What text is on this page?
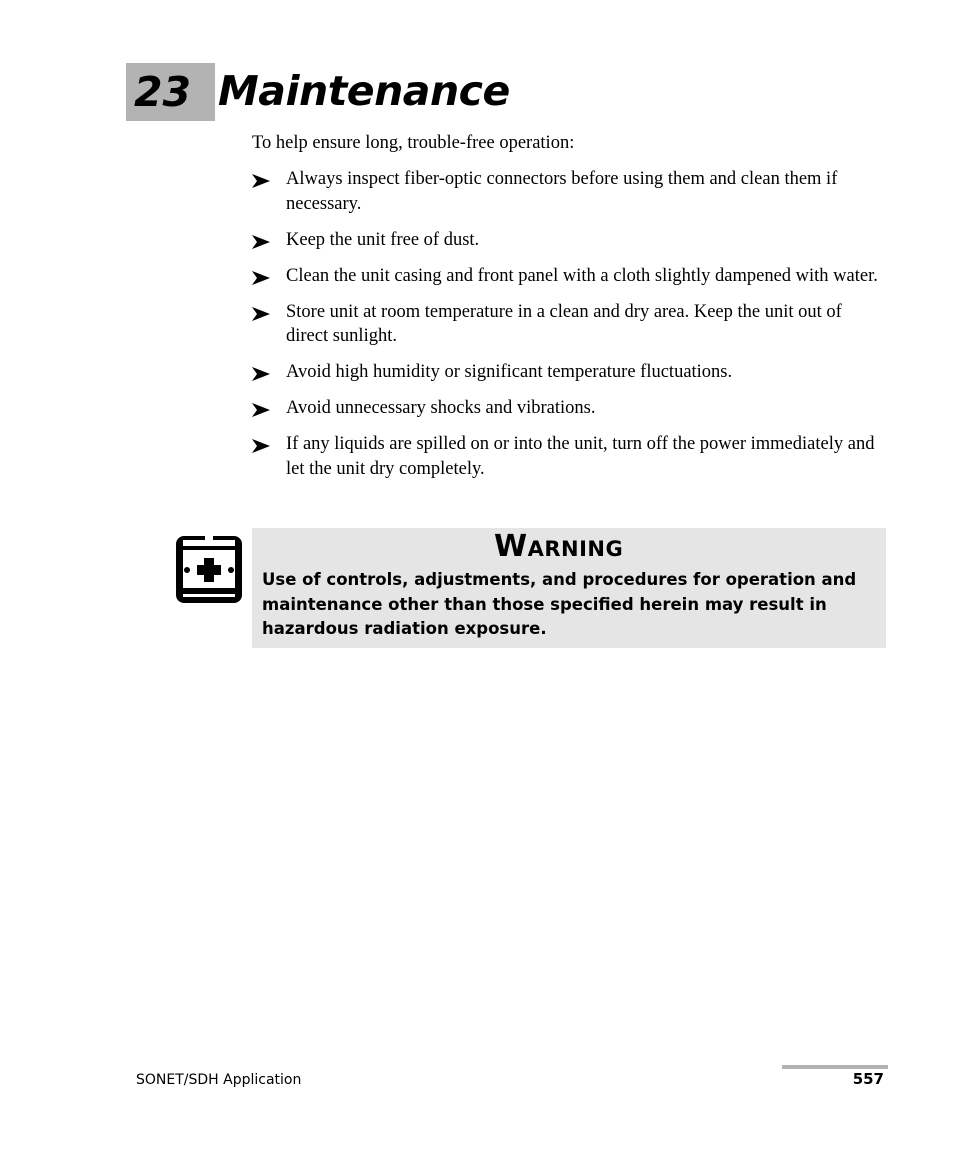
23 Maintenance
To help ensure long, trouble-free operation:
Always inspect fiber-optic connectors before using them and clean them if necessary.
Keep the unit free of dust.
Clean the unit casing and front panel with a cloth slightly dampened with water.
Store unit at room temperature in a clean and dry area. Keep the unit out of direct sunlight.
Avoid high humidity or significant temperature fluctuations.
Avoid unnecessary shocks and vibrations.
If any liquids are spilled on or into the unit, turn off the power immediately and let the unit dry completely.
Warning
Use of controls, adjustments, and procedures for operation and maintenance other than those specified herein may result in hazardous radiation exposure.
SONET/SDH Application	557
